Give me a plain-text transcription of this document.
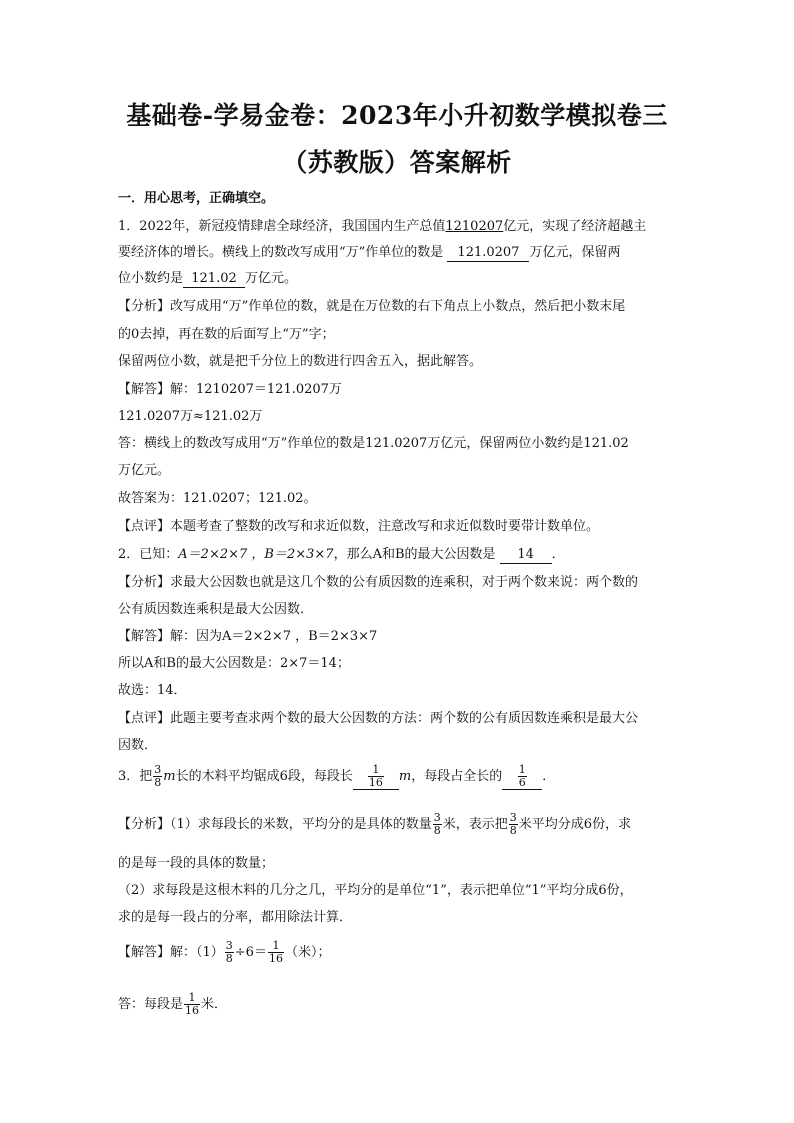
基础卷-学易金卷：2023年小升初数学模拟卷三
（苏教版）答案解析
一．用心思考，正确填空。
1．2022年，新冠疫情肆虐全球经济，我国国内生产总值1210207亿元，实现了经济超越主
要经济体的增长。横线上的数改写成用“万”作单位的数是 121.0207 万亿元，保留两
位小数约是 121.02 万亿元。
【分析】改写成用“万”作单位的数，就是在万位数的右下角点上小数点，然后把小数末尾
的0去掉，再在数的后面写上“万”字；
保留两位小数，就是把千分位上的数进行四舍五入，据此解答。
【解答】解：1210207＝121.0207万
121.0207万≈121.02万
答：横线上的数改写成用“万”作单位的数是121.0207万亿元，保留两位小数约是121.02
万亿元。
故答案为：121.0207；121.02。
【点评】本题考查了整数的改写和求近似数，注意改写和求近似数时要带计数单位。
2．已知：A＝2×2×7 ，B＝2×3×7，那么A和B的最大公因数是 14 ．
【分析】求最大公因数也就是这几个数的公有质因数的连乘积，对于两个数来说：两个数的
公有质因数连乘积是最大公因数．
【解答】解：因为A＝2×2×7 ，B＝2×3×7
所以A和B的最大公因数是：2×7＝14；
故选：14．
【点评】此题主要考查求两个数的最大公因数的方法：两个数的公有质因数连乘积是最大公
因数．
3．把 $\frac{3}{8}$ m长的木料平均锯成6段，每段长 $\frac{1}{16}$ m，每段占全长的 $\frac{1}{6}$ ．
【分析】（1）求每段长的米数，平均分的是具体的数量 $\frac{3}{8}$ 米，表示把 $\frac{3}{8}$ 米平均分成6份，求
的是每一段的具体的数量；
（2）求每段是这根木料的几分之几，平均分的是单位“1”，表示把单位“1”平均分成6份，
求的是每一段占的分率，都用除法计算．
【解答】解：$(1) \frac{3}{8} \div 6= \frac{1}{16}$ （米）；
答：每段是 $\frac{1}{16}$ 米．
